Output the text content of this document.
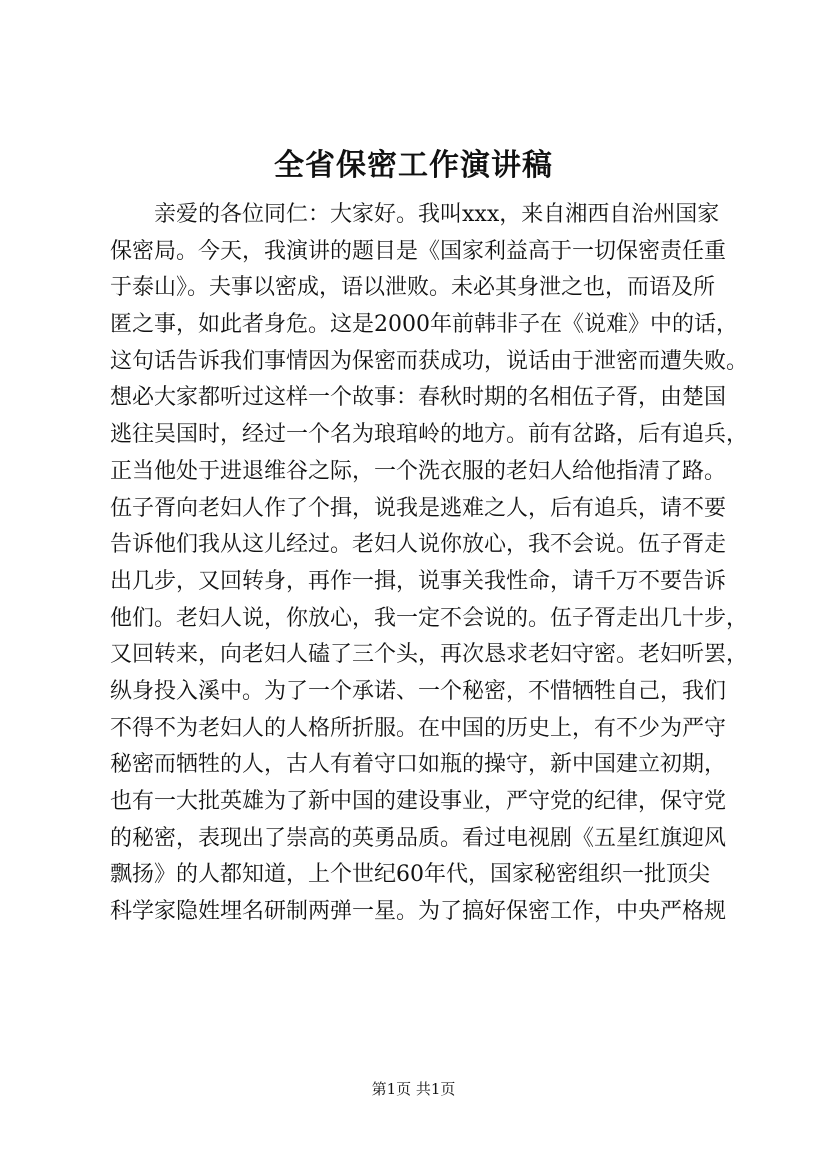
全省保密工作演讲稿
亲爱的各位同仁：大家好。我叫xxx，来自湘西自治州国家
保密局。今天，我演讲的题目是《国家利益高于一切保密责任重
于泰山》。夫事以密成，语以泄败。未必其身泄之也，而语及所
匿之事，如此者身危。这是2000年前韩非子在《说难》中的话，
这句话告诉我们事情因为保密而获成功，说话由于泄密而遭失败。
想必大家都听过这样一个故事：春秋时期的名相伍子胥，由楚国
逃往吴国时，经过一个名为琅琯岭的地方。前有岔路，后有追兵，
正当他处于进退维谷之际，一个洗衣服的老妇人给他指清了路。
伍子胥向老妇人作了个揖，说我是逃难之人，后有追兵，请不要
告诉他们我从这儿经过。老妇人说你放心，我不会说。伍子胥走
出几步，又回转身，再作一揖，说事关我性命，请千万不要告诉
他们。老妇人说，你放心，我一定不会说的。伍子胥走出几十步，
又回转来，向老妇人磕了三个头，再次恳求老妇守密。老妇听罢，
纵身投入溪中。为了一个承诺、一个秘密，不惜牺牲自己，我们
不得不为老妇人的人格所折服。在中国的历史上，有不少为严守
秘密而牺牲的人，古人有着守口如瓶的操守，新中国建立初期，
也有一大批英雄为了新中国的建设事业，严守党的纪律，保守党
的秘密，表现出了崇高的英勇品质。看过电视剧《五星红旗迎风
飘扬》的人都知道，上个世纪60年代，国家秘密组织一批顶尖
科学家隐姓埋名研制两弹一星。为了搞好保密工作，中央严格规
第1页 共1页
